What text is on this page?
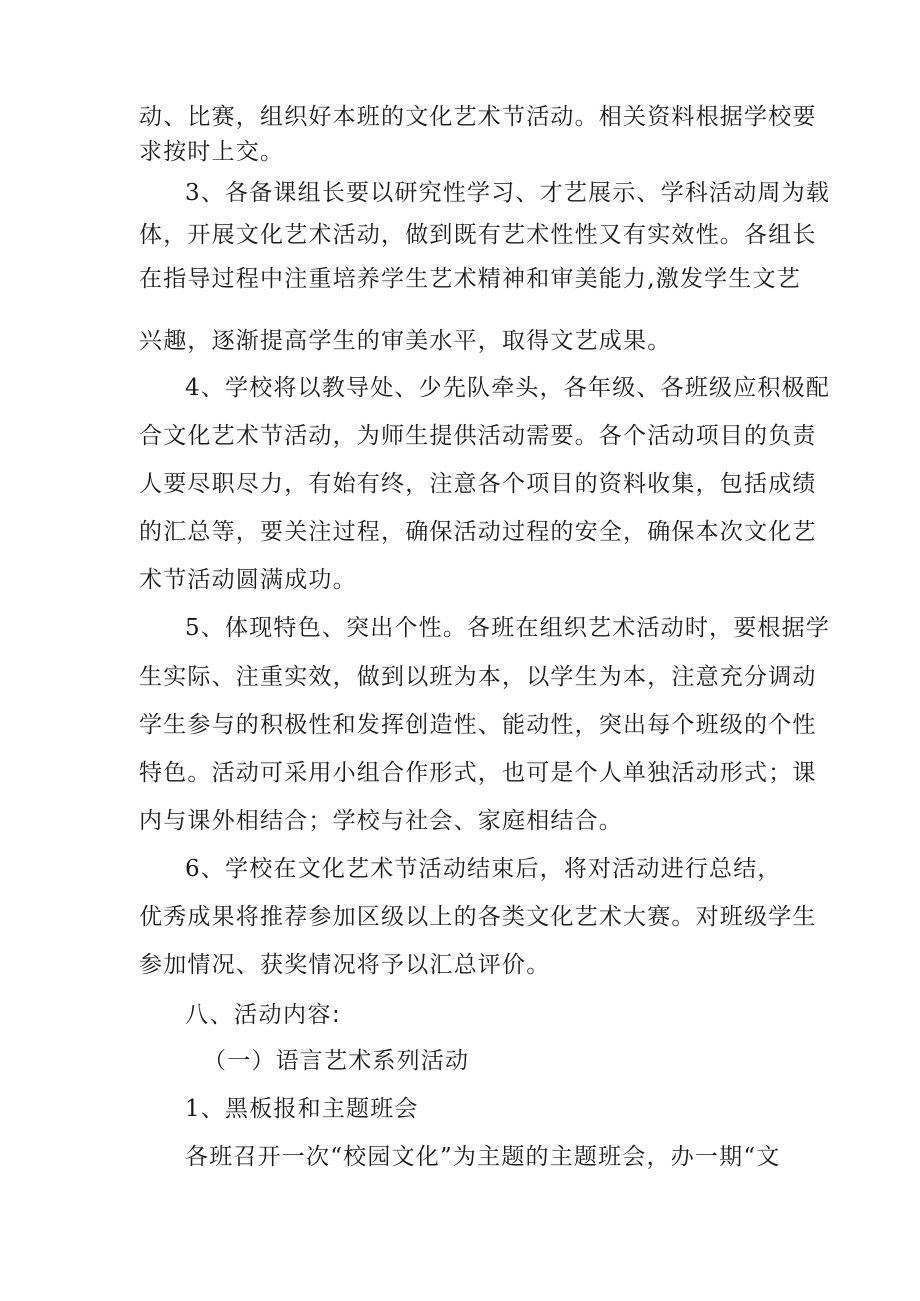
动、比赛，组织好本班的文化艺术节活动。相关资料根据学校要
求按时上交。
3、各备课组长要以研究性学习、才艺展示、学科活动周为载
体，开展文化艺术活动，做到既有艺术性性又有实效性。各组长
在指导过程中注重培养学生艺术精神和审美能力,激发学生文艺
兴趣，逐渐提高学生的审美水平，取得文艺成果。
4、学校将以教导处、少先队牵头，各年级、各班级应积极配
合文化艺术节活动，为师生提供活动需要。各个活动项目的负责
人要尽职尽力，有始有终，注意各个项目的资料收集，包括成绩
的汇总等，要关注过程，确保活动过程的安全，确保本次文化艺
术节活动圆满成功。
5、体现特色、突出个性。各班在组织艺术活动时，要根据学
生实际、注重实效，做到以班为本，以学生为本，注意充分调动
学生参与的积极性和发挥创造性、能动性，突出每个班级的个性
特色。活动可采用小组合作形式，也可是个人单独活动形式；课
内与课外相结合；学校与社会、家庭相结合。
6、学校在文化艺术节活动结束后，将对活动进行总结，
优秀成果将推荐参加区级以上的各类文化艺术大赛。对班级学生
参加情况、获奖情况将予以汇总评价。
八、活动内容:
（一）语言艺术系列活动
1、黑板报和主题班会
各班召开一次“校园文化”为主题的主题班会，办一期“文
